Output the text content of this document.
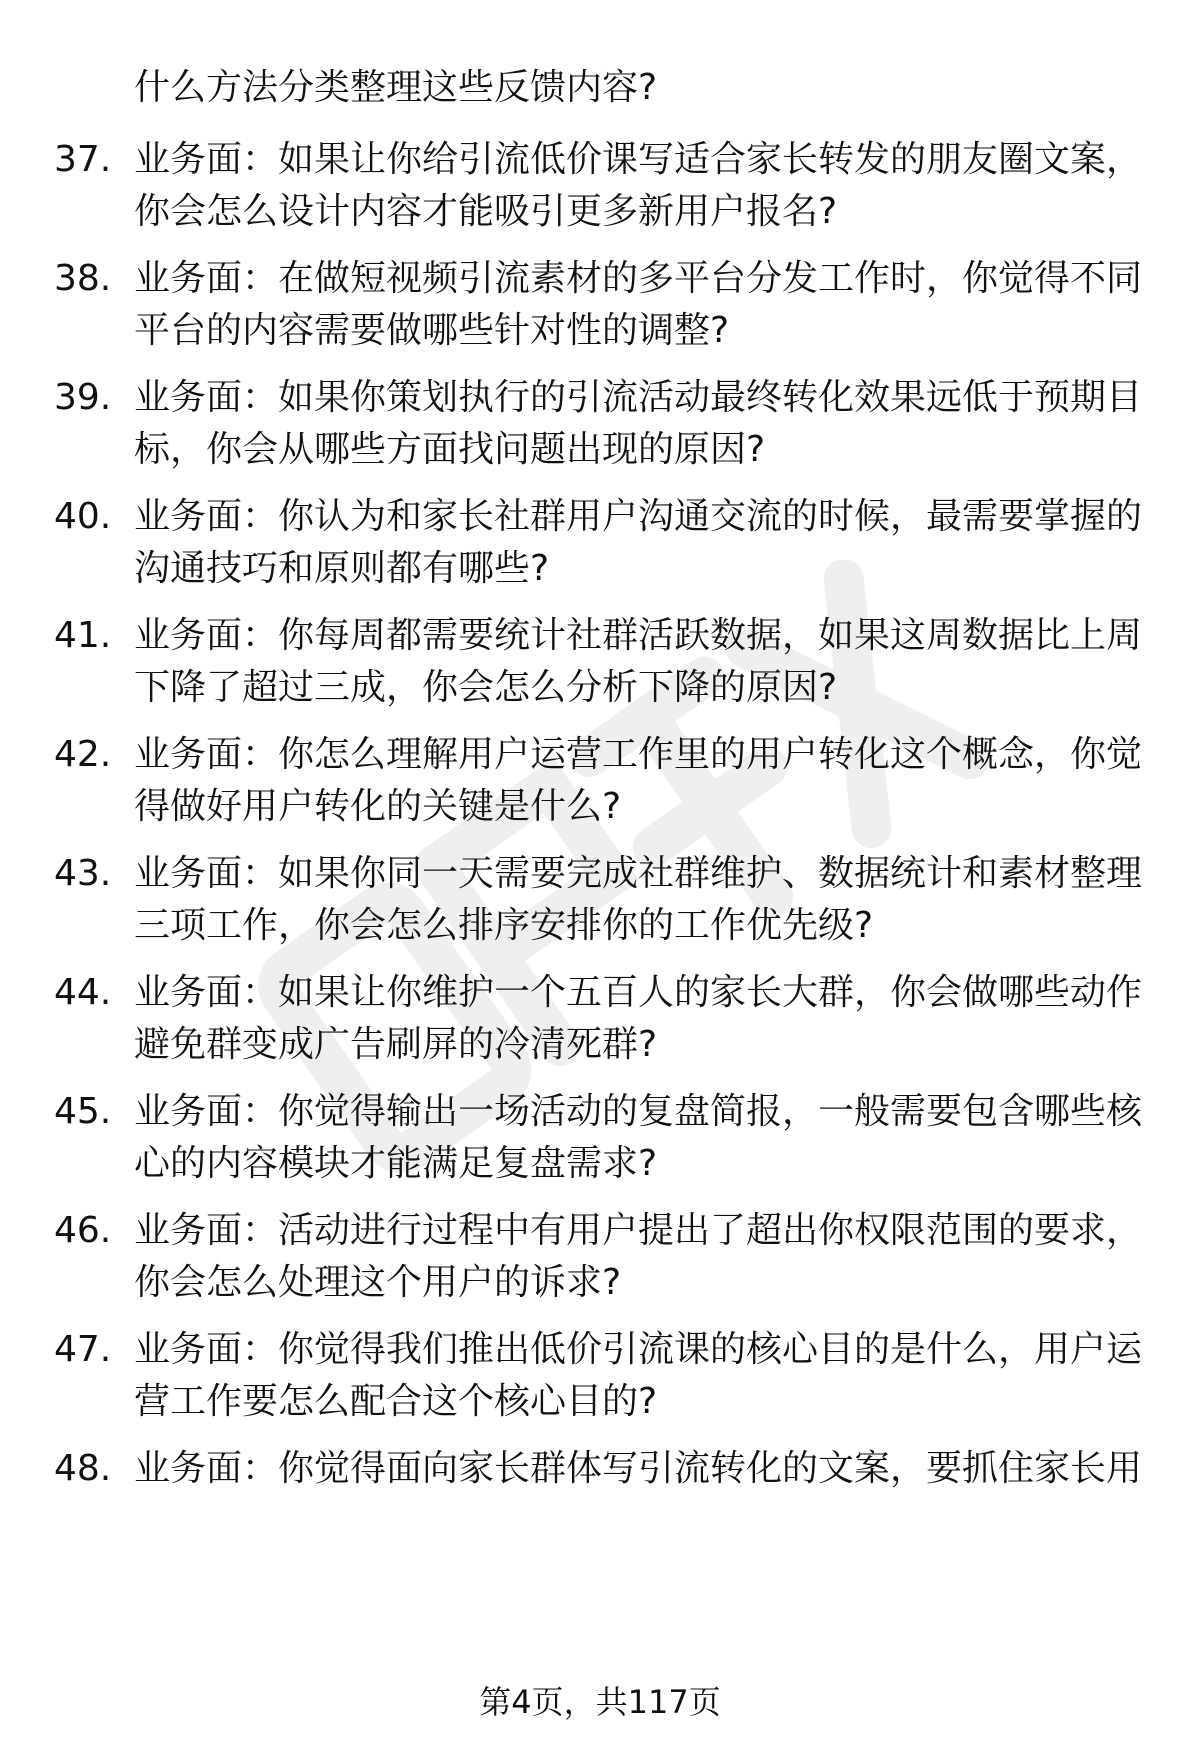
什么方法分类整理这些反馈内容?
37. 业务面：如果让你给引流低价课写适合家长转发的朋友圈文案，
你会怎么设计内容才能吸引更多新用户报名?
38. 业务面：在做短视频引流素材的多平台分发工作时，你觉得不同
平台的内容需要做哪些针对性的调整?
39. 业务面：如果你策划执行的引流活动最终转化效果远低于预期目
标，你会从哪些方面找问题出现的原因?
40. 业务面：你认为和家长社群用户沟通交流的时候，最需要掌握的
沟通技巧和原则都有哪些?
41. 业务面：你每周都需要统计社群活跃数据，如果这周数据比上周
下降了超过三成，你会怎么分析下降的原因?
42. 业务面：你怎么理解用户运营工作里的用户转化这个概念，你觉
得做好用户转化的关键是什么?
43. 业务面：如果你同一天需要完成社群维护、数据统计和素材整理
三项工作，你会怎么排序安排你的工作优先级?
44. 业务面：如果让你维护一个五百人的家长大群，你会做哪些动作
避免群变成广告刷屏的冷清死群?
45. 业务面：你觉得输出一场活动的复盘简报，一般需要包含哪些核
心的内容模块才能满足复盘需求?
46. 业务面：活动进行过程中有用户提出了超出你权限范围的要求，
你会怎么处理这个用户的诉求?
47. 业务面：你觉得我们推出低价引流课的核心目的是什么，用户运
营工作要怎么配合这个核心目的?
48. 业务面：你觉得面向家长群体写引流转化的文案，要抓住家长用
第4页，共117页
